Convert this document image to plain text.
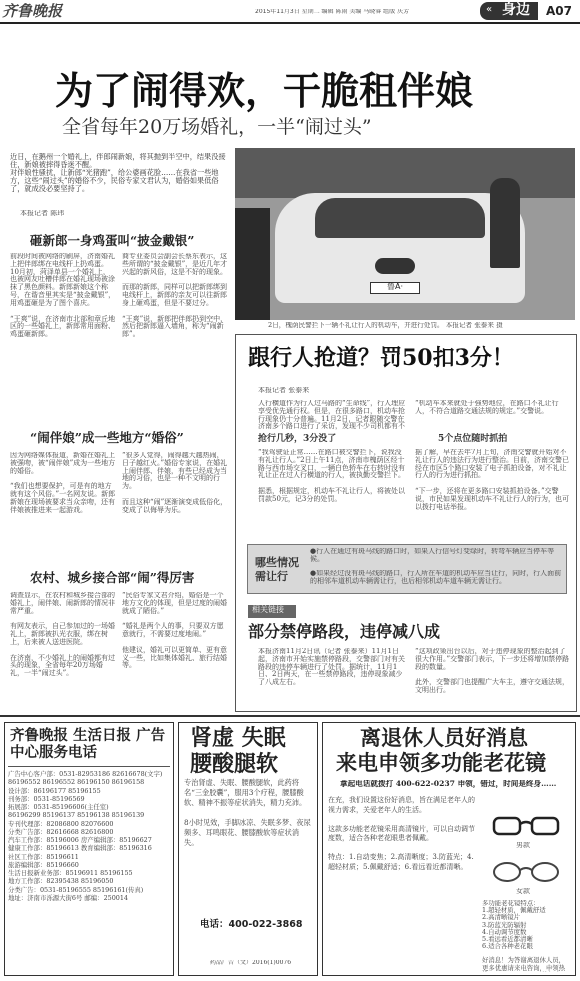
齐鲁晚报	2015年11月3日 星期二 编辑 陈雨 美编 马晓睿 组版 庆芳	« 身边 A07
为了闹得欢，干脆租伴娘
全省每年20万场婚礼，一半“闹过头”
近日，在鹅州一个婚礼上，伴郎闹新娘，将其抛到半空中，结果没接住，新娘被摔得昏迷不醒。
对伴娘性骚扰，让新郎“光猪跑”，给公婆画花脸……在我省一些地方，这些“闹过头”的婚俗不少，民俗专家文君认为，婚俗如果低俗了，就成没必要坚持了。
本报记者 陈玮
砸新郎一身鸡蛋叫“披金戴银”
前段时间被网络的刷屏，济南婚礼上把伴郎绑在电线杆上扔鸡蛋。10月初，菏泽单县一个婚礼上，也被网友吐槽伴郎在婚礼现场被涂抹了黑色颜料。新郎新娘这个称号，在谐音里其实是“披金戴银”，用鸡蛋砸是为了图个喜庆。

“王爽”说，在济南市北部和章丘地区的一些婚礼上，新郎常用面粉、鸡蛋砸新郎。
商专业委员会副会长蔡东表示，这些所谓的“披金戴银”，是近几年才兴起的新风俗，这是不好的现象。

而那的新郎，同样可以把新郎绑到电线杆上，新郎的亲友可以往新郎身上砸鸡蛋，但是不要过分。

“王爽”说，新郎把伴郎扔到空中，然后把新郎逼入墙角，称为“闹新郎”。
“闹伴娘”成一些地方“婚俗”
因为网络媒体报道，新婚在婚礼上被强吻，被“闹伴娘”成为一些地方的婚俗。

“我们也想要保护，可是有的地方就有这个风俗。”一名网友说。新郎新娘在现场被要求当众亲吻，还有伴娘被推进来一起游戏。
“很多人觉得，闹得越大越热闹，日子越红火。”婚俗专家说，在婚礼上闹伴郎、伴娘，有些已经成为当地的习俗，也是一种不文明的行为。

而且这种“闹”逐渐演变成低俗化，变成了以侮辱为乐。
农村、城乡接合部“闹”得厉害
调查显示，在农村和城乡接合部的婚礼上，闹伴娘、闹新郎的情况非常严重。

有网友表示，自己参加过的一场婚礼上，新郎被扒光衣服，绑在树上，后来被人送进医院。

在济南，不少婚礼上的闹婚都有过头的现象，全省每年20万场婚礼，一半“闹过头”。
“民俗专家文君介绍，婚俗是一个地方文化的体现，但是过度的闹婚就成了陋俗。”

“婚礼是两个人的事，只要双方愿意就行，不需要过度地闹。”

他建议，婚礼可以更简单、更有意义一些，比如集体婚礼、旅行结婚等。
鲁A·
2日，槐荫民警拦下一辆不礼让行人的机动车，并进行处罚。 本报记者 张泰来 摄
跟行人抢道？罚50扣3分！
本报记者 张泰来
人行横道作为行人过马路的“生命线”，行人理应享受优先通行权。但是，在很多路口，机动车抢行现象仍十分普遍。11月2日，记者跟随交警在济南多个路口进行了采访，发现不少司机都有不
抢行几秒，3分没了
“我驾驶证正常……在路口被交警拦下，说我没有礼让行人。”2日上午11点，济南市槐荫区经十路与西市场交叉口，一辆白色轿车在右转时没有礼让正在过人行横道的行人，被执勤交警拦下。

据悉，根据规定，机动车不礼让行人，将被处以罚款50元，记3分的处罚。
“机动车本来就处于强势地位，在路口不礼让行人，不符合道路交通法规的规定。”交警说。
5个点位随时抓拍
据了解，早在去年7月上旬，济南交警就开始对不礼让行人的违法行为进行整治。目前，济南交警已经在市区5个路口安装了电子抓拍设备，对不礼让行人的行为进行抓拍。

“下一步，还将在更多路口安装抓拍设备。”交警说，市民如果发现机动车不礼让行人的行为，也可以拨打电话举报。
哪些情况需让行
●行人在通过有斑马线的路口时，如果人行信号灯变绿时，转弯车辆应当停车等候。
●如果经过没有斑马线的路口，行人所在车道的机动车应当让行，同时，行人面前的相邻车道机动车辆需让行，也后相邻机动车道车辆无需让行。
相关链接
部分禁停路段，违停减八成
本报济南11月2日讯（记者 张泰来）11月1日起，济南市开始实施禁停路段，交警部门对有关路段的违停车辆进行了处罚。据统计，11月1日、2日两天，在一些禁停路段，违停现象减少了八成左右。
“这项政策出台以后，对于违停现象的整治起到了很大作用。”交警部门表示，下一步还将增加禁停路段的数量。

此外，交警部门也提醒广大车主，遵守交通法规，文明出行。
齐鲁晚报 生活日报 广告中心服务电话
广告中心客户部：0531-82953186 82616678(文字)
86196552 86196552 86196150 86196158
设计部：86196177 85196155
刊务部：0531-85196569
拓展部：0531-85196606(主任室)
86196299 85196137 85196138 85196139
专刊代理部：82086800 82076600
分类广告部：82616668 82616800
汽车工作部：85196006 房产编辑部：85196627
健康工作部：85196613 教育编辑部：85196316
社区工作部：85196611
旅游编辑部：85196660
生活日报新业务部：85196911 85196155
地方工作部：82395438 85196050
分类广告：0531-85196555 85196161(传真)
地址：济南市泺源大街6号 邮编：250014
肾虚 失眠 腰酸腿软
专治肾虚、失眠、腰酸腿软，此药将名“三金胶囊”，服用3个疗程，腰膝酸软、精神不振等症状消失，精力充沛。

8小时见效，手脚冰凉、失眠多梦、夜尿频多、耳鸣眼花、腰膝酸软等症状消失。
电话：400-022-3868
药品广告（文）2016(1)0076
离退休人员好消息
来电申领多功能老花镜
拿起电话就拨打 400-622-0237 申领，错过，时间是终身……
在充，我们设置这份好消息，旨在满足老年人的视力需求，关爱老年人的生活。

这款多功能老花镜采用高清镜片，可以自动调节度数，适合各种老花眼患者佩戴。

特点：1.自动变焦；2.高清晰度；3.防蓝光；4.超轻材质；5.佩戴舒适；6.看远看近都清晰。
男款
女款
多功能老花镜特点：
1.超轻材质，佩戴舒适
2.高清晰镜片
3.防蓝光防辐射
4.自动调节度数
5.看远看近都清晰
6.适合各种老花眼

好消息！为答谢离退休人员，更多优惠请来电咨询，申领热
